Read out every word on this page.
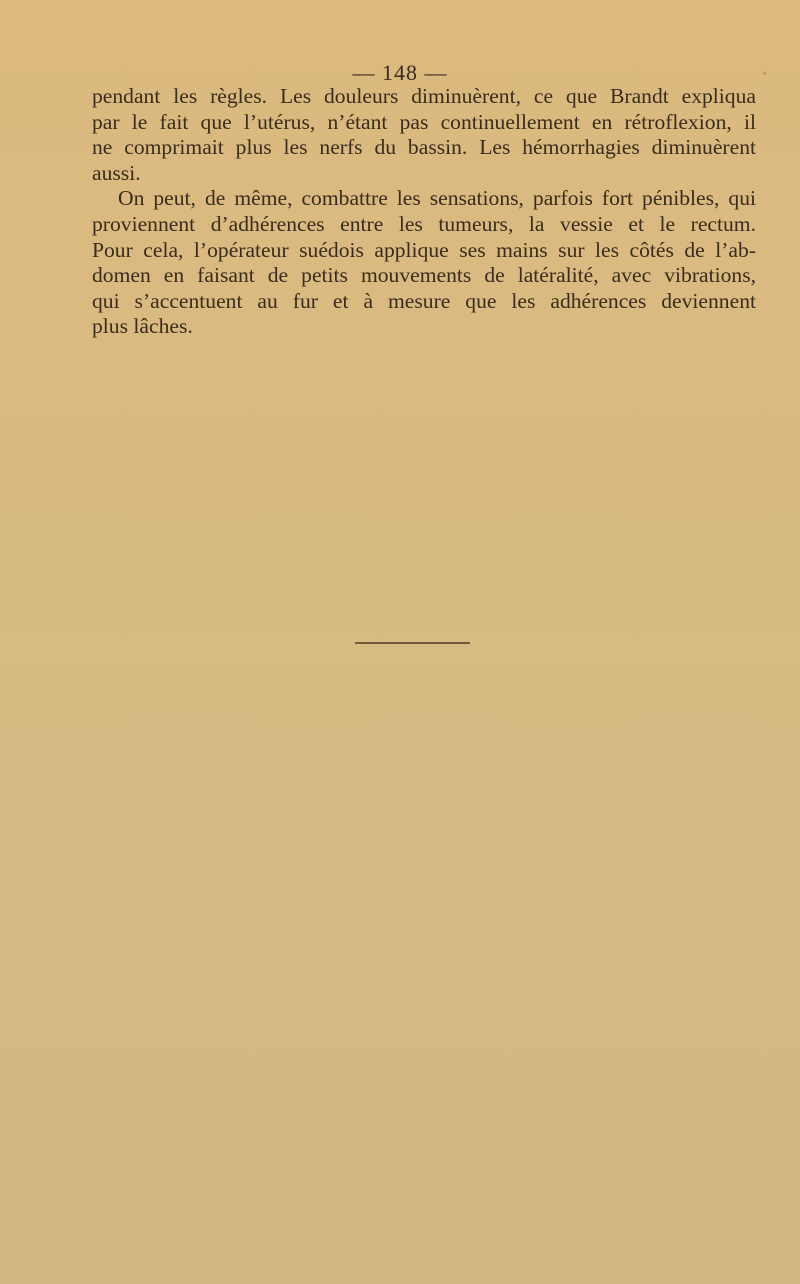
— 148 —

pendant les règles. Les douleurs diminuèrent, ce que Brandt expliqua
par le fait que l’utérus, n’étant pas continuellement en rétroflexion, il
ne comprimait plus les nerfs du bassin. Les hémorrhagies diminuèrent
aussi.

On peut, de même, combattre les sensations, parfois fort pénibles, qui
proviennent d’adhérences entre les tumeurs, la vessie et le rectum.
Pour cela, l’opérateur suédois applique ses mains sur les côtés de l’ab-
domen en faisant de petits mouvements de latéralité, avec vibrations,
qui s’accentuent au fur et à mesure que les adhérences deviennent
plus lâches.
